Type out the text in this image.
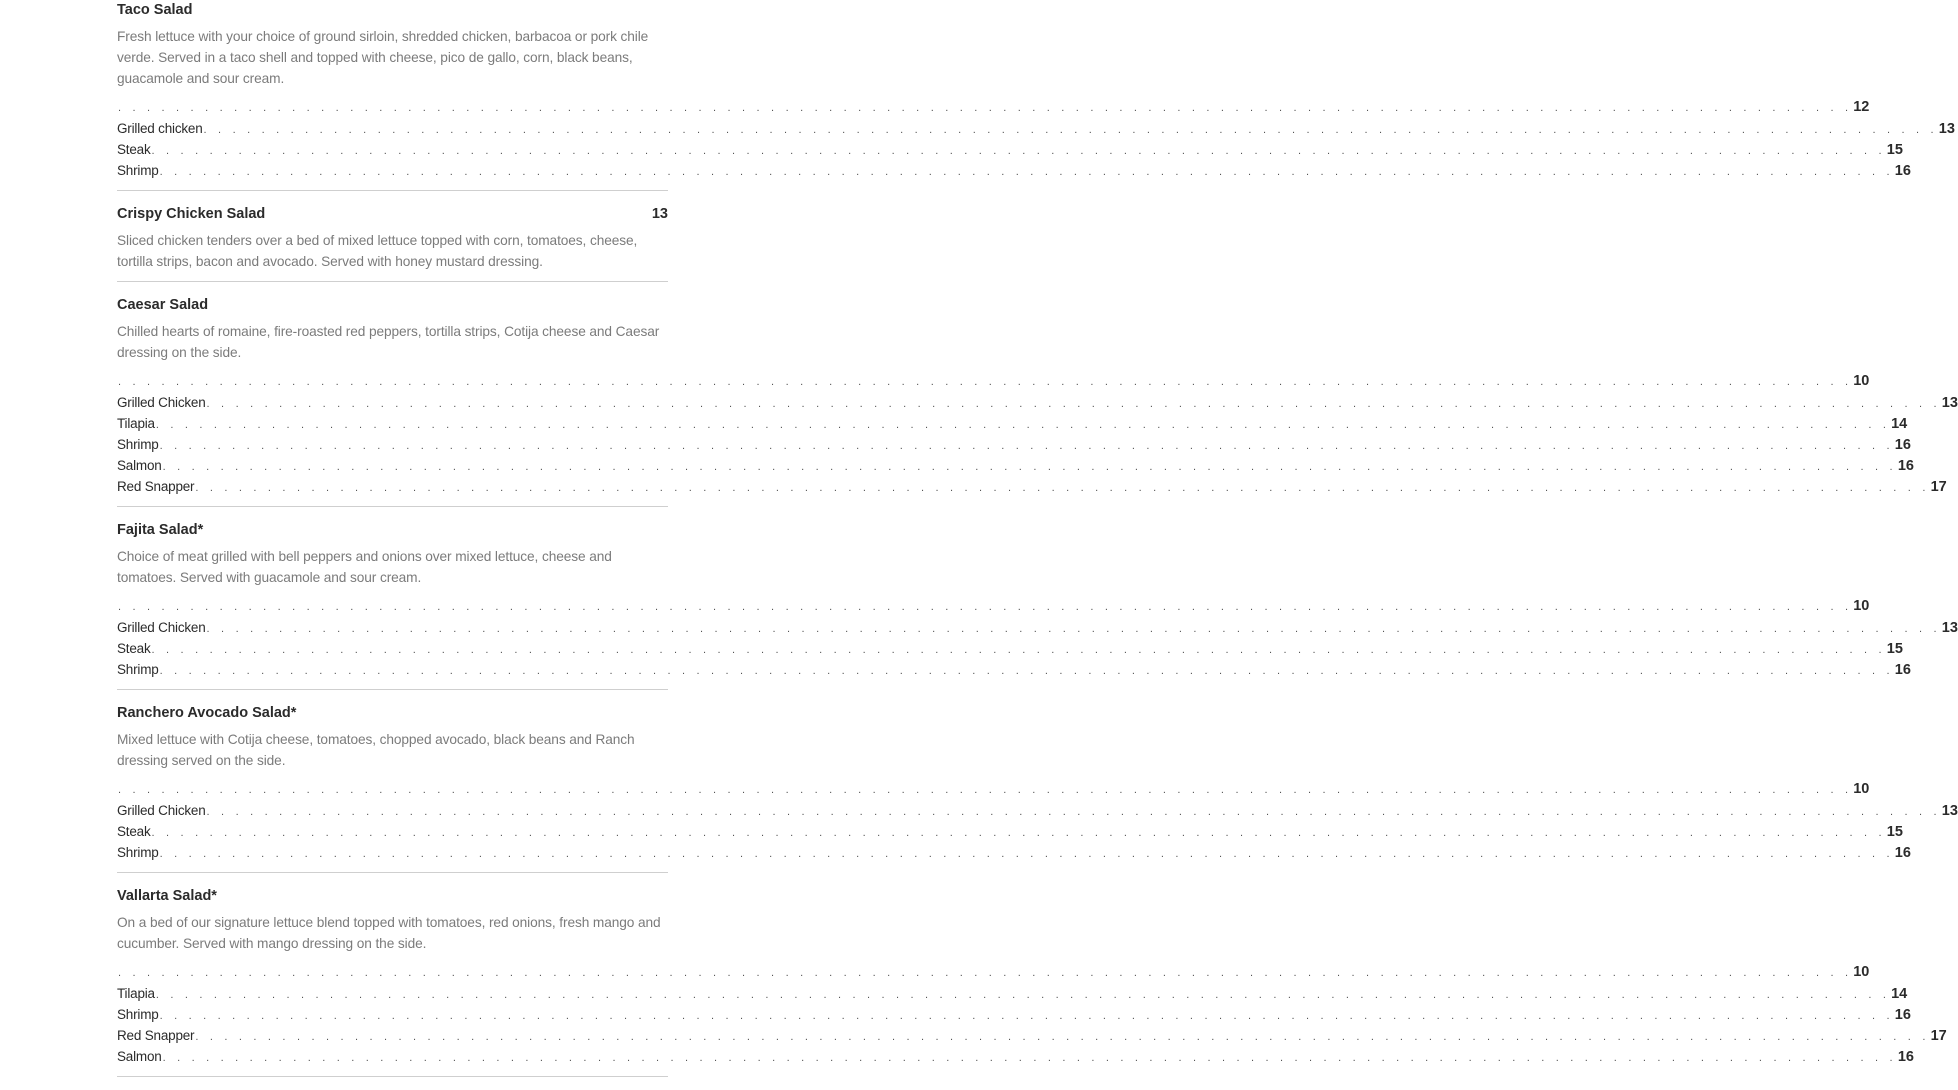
Taco Salad
Fresh lettuce with your choice of ground sirloin, shredded chicken, barbacoa or pork chile verde. Served in a taco shell and topped with cheese, pico de gallo, corn, black beans, guacamole and sour cream.
. . . . . . . . . . . . . . . . . . . . . . . . . . . . . . . . . . . . . . . . . . . . . . . . . . . . . . . . . . . . . . . . . . . . . . . . . . . . . . . . . . . . . . . . . . . . . . . . . . . . . . . . . . . . . . . . . . . . . . . . 12
Grilled chicken . . . . . . . . . . . . . . . . . . . . . . . . . . . . . . . . . . . . . . . . . . . . . . . . . . . . . . . . . . . . . . . . . . . . . . . . . . . . . . . . . . . . . . . . . . . . . . . . . . . . . . . . . . . . . . . . . . . . . . . . 13
Steak . . . . . . . . . . . . . . . . . . . . . . . . . . . . . . . . . . . . . . . . . . . . . . . . . . . . . . . . . . . . . . . . . . . . . . . . . . . . . . . . . . . . . . . . . . . . . . . . . . . . . . . . . . . . . . . . . . . . . . . . 15
Shrimp . . . . . . . . . . . . . . . . . . . . . . . . . . . . . . . . . . . . . . . . . . . . . . . . . . . . . . . . . . . . . . . . . . . . . . . . . . . . . . . . . . . . . . . . . . . . . . . . . . . . . . . . . . . . . . . . . . . . . . . . 16
Crispy Chicken Salad	13
Sliced chicken tenders over a bed of mixed lettuce topped with corn, tomatoes, cheese, tortilla strips, bacon and avocado. Served with honey mustard dressing.
Caesar Salad
Chilled hearts of romaine, fire-roasted red peppers, tortilla strips, Cotija cheese and Caesar dressing on the side.
. . . . . . . . . . . . . . . . . . . . . . . . . . . . . . . . . . . . . . . . . . . . . . . . . . . . . . . . . . . . . . . . . . . . . . . . . . . . . . . . . . . . . . . . . . . . . . . . . . . . . . . . . . . . . . . . . . . . . . . . 10
Grilled Chicken . . . . . . . . . . . . . . . . . . . . . . . . . . . . . . . . . . . . . . . . . . . . . . . . . . . . . . . . . . . . . . . . . . . . . . . . . . . . . . . . . . . . . . . . . . . . . . . . . . . . . . . . . . . . . . . . . . . . . . . . 13
Tilapia . . . . . . . . . . . . . . . . . . . . . . . . . . . . . . . . . . . . . . . . . . . . . . . . . . . . . . . . . . . . . . . . . . . . . . . . . . . . . . . . . . . . . . . . . . . . . . . . . . . . . . . . . . . . . . . . . . . . . . . . 14
Shrimp . . . . . . . . . . . . . . . . . . . . . . . . . . . . . . . . . . . . . . . . . . . . . . . . . . . . . . . . . . . . . . . . . . . . . . . . . . . . . . . . . . . . . . . . . . . . . . . . . . . . . . . . . . . . . . . . . . . . . . . . 16
Salmon . . . . . . . . . . . . . . . . . . . . . . . . . . . . . . . . . . . . . . . . . . . . . . . . . . . . . . . . . . . . . . . . . . . . . . . . . . . . . . . . . . . . . . . . . . . . . . . . . . . . . . . . . . . . . . . . . . . . . . . . 16
Red Snapper . . . . . . . . . . . . . . . . . . . . . . . . . . . . . . . . . . . . . . . . . . . . . . . . . . . . . . . . . . . . . . . . . . . . . . . . . . . . . . . . . . . . . . . . . . . . . . . . . . . . . . . . . . . . . . . . . . . . . . . . 17
Fajita Salad*
Choice of meat grilled with bell peppers and onions over mixed lettuce, cheese and tomatoes. Served with guacamole and sour cream.
. . . . . . . . . . . . . . . . . . . . . . . . . . . . . . . . . . . . . . . . . . . . . . . . . . . . . . . . . . . . . . . . . . . . . . . . . . . . . . . . . . . . . . . . . . . . . . . . . . . . . . . . . . . . . . . . . . . . . . . . 10
Grilled Chicken . . . . . . . . . . . . . . . . . . . . . . . . . . . . . . . . . . . . . . . . . . . . . . . . . . . . . . . . . . . . . . . . . . . . . . . . . . . . . . . . . . . . . . . . . . . . . . . . . . . . . . . . . . . . . . . . . . . . . . . . 13
Steak . . . . . . . . . . . . . . . . . . . . . . . . . . . . . . . . . . . . . . . . . . . . . . . . . . . . . . . . . . . . . . . . . . . . . . . . . . . . . . . . . . . . . . . . . . . . . . . . . . . . . . . . . . . . . . . . . . . . . . . . 15
Shrimp . . . . . . . . . . . . . . . . . . . . . . . . . . . . . . . . . . . . . . . . . . . . . . . . . . . . . . . . . . . . . . . . . . . . . . . . . . . . . . . . . . . . . . . . . . . . . . . . . . . . . . . . . . . . . . . . . . . . . . . . 16
Ranchero Avocado Salad*
Mixed lettuce with Cotija cheese, tomatoes, chopped avocado, black beans and Ranch dressing served on the side.
. . . . . . . . . . . . . . . . . . . . . . . . . . . . . . . . . . . . . . . . . . . . . . . . . . . . . . . . . . . . . . . . . . . . . . . . . . . . . . . . . . . . . . . . . . . . . . . . . . . . . . . . . . . . . . . . . . . . . . . . 10
Grilled Chicken . . . . . . . . . . . . . . . . . . . . . . . . . . . . . . . . . . . . . . . . . . . . . . . . . . . . . . . . . . . . . . . . . . . . . . . . . . . . . . . . . . . . . . . . . . . . . . . . . . . . . . . . . . . . . . . . . . . . . . . . 13
Steak . . . . . . . . . . . . . . . . . . . . . . . . . . . . . . . . . . . . . . . . . . . . . . . . . . . . . . . . . . . . . . . . . . . . . . . . . . . . . . . . . . . . . . . . . . . . . . . . . . . . . . . . . . . . . . . . . . . . . . . . 15
Shrimp . . . . . . . . . . . . . . . . . . . . . . . . . . . . . . . . . . . . . . . . . . . . . . . . . . . . . . . . . . . . . . . . . . . . . . . . . . . . . . . . . . . . . . . . . . . . . . . . . . . . . . . . . . . . . . . . . . . . . . . . 16
Vallarta Salad*
On a bed of our signature lettuce blend topped with tomatoes, red onions, fresh mango and cucumber. Served with mango dressing on the side.
. . . . . . . . . . . . . . . . . . . . . . . . . . . . . . . . . . . . . . . . . . . . . . . . . . . . . . . . . . . . . . . . . . . . . . . . . . . . . . . . . . . . . . . . . . . . . . . . . . . . . . . . . . . . . . . . . . . . . . . . 10
Tilapia . . . . . . . . . . . . . . . . . . . . . . . . . . . . . . . . . . . . . . . . . . . . . . . . . . . . . . . . . . . . . . . . . . . . . . . . . . . . . . . . . . . . . . . . . . . . . . . . . . . . . . . . . . . . . . . . . . . . . . . . 14
Shrimp . . . . . . . . . . . . . . . . . . . . . . . . . . . . . . . . . . . . . . . . . . . . . . . . . . . . . . . . . . . . . . . . . . . . . . . . . . . . . . . . . . . . . . . . . . . . . . . . . . . . . . . . . . . . . . . . . . . . . . . . 16
Red Snapper . . . . . . . . . . . . . . . . . . . . . . . . . . . . . . . . . . . . . . . . . . . . . . . . . . . . . . . . . . . . . . . . . . . . . . . . . . . . . . . . . . . . . . . . . . . . . . . . . . . . . . . . . . . . . . . . . . . . . . . . 17
Salmon . . . . . . . . . . . . . . . . . . . . . . . . . . . . . . . . . . . . . . . . . . . . . . . . . . . . . . . . . . . . . . . . . . . . . . . . . . . . . . . . . . . . . . . . . . . . . . . . . . . . . . . . . . . . . . . . . . . . . . . . 16
